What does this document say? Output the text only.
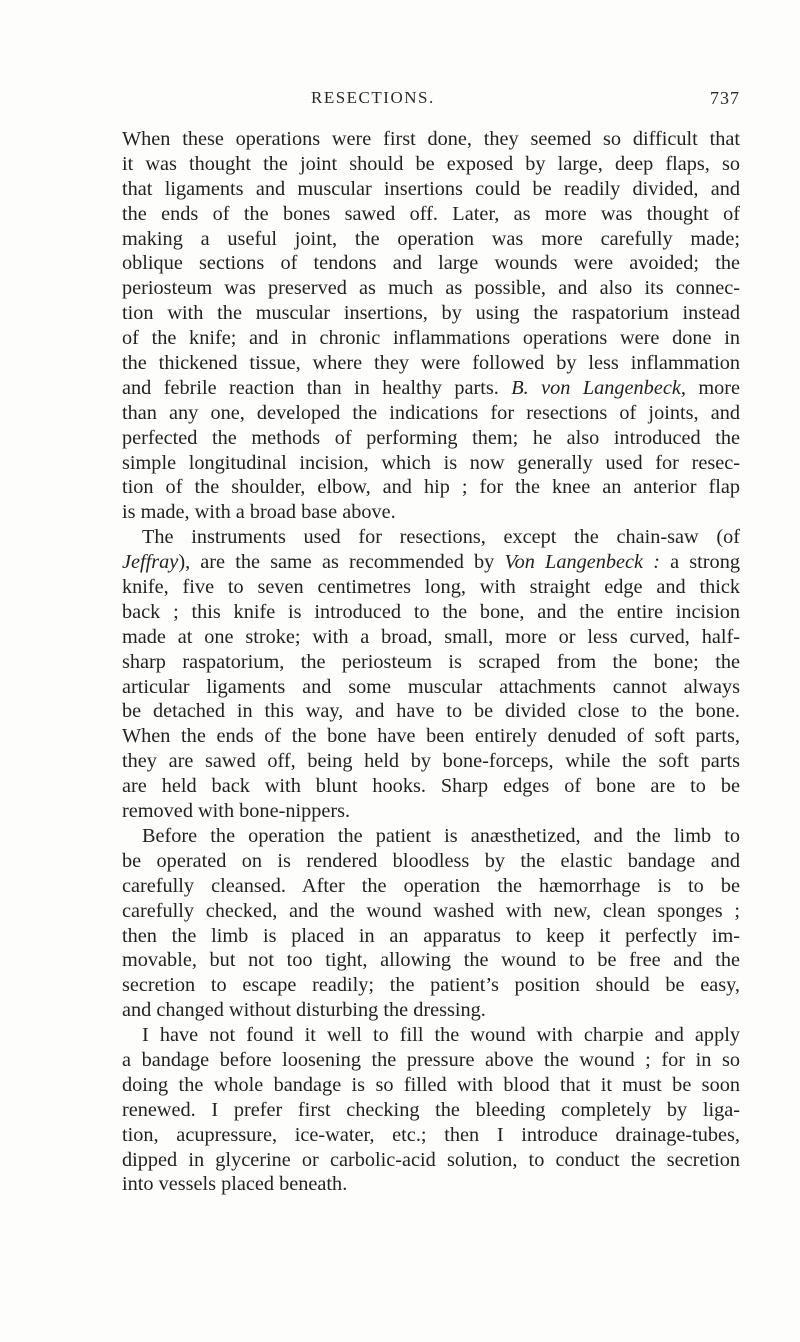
RESECTIONS.	737
When these operations were first done, they seemed so difficult that
it was thought the joint should be exposed by large, deep flaps, so
that ligaments and muscular insertions could be readily divided, and
the ends of the bones sawed off. Later, as more was thought of
making a useful joint, the operation was more carefully made;
oblique sections of tendons and large wounds were avoided; the
periosteum was preserved as much as possible, and also its connec-
tion with the muscular insertions, by using the raspatorium instead
of the knife; and in chronic inflammations operations were done in
the thickened tissue, where they were followed by less inflammation
and febrile reaction than in healthy parts. B. von Langenbeck, more
than any one, developed the indications for resections of joints, and
perfected the methods of performing them; he also introduced the
simple longitudinal incision, which is now generally used for resec-
tion of the shoulder, elbow, and hip ; for the knee an anterior flap
is made, with a broad base above.
The instruments used for resections, except the chain-saw (of
Jeffray), are the same as recommended by Von Langenbeck : a strong
knife, five to seven centimetres long, with straight edge and thick
back ; this knife is introduced to the bone, and the entire incision
made at one stroke; with a broad, small, more or less curved, half-
sharp raspatorium, the periosteum is scraped from the bone; the
articular ligaments and some muscular attachments cannot always
be detached in this way, and have to be divided close to the bone.
When the ends of the bone have been entirely denuded of soft parts,
they are sawed off, being held by bone-forceps, while the soft parts
are held back with blunt hooks. Sharp edges of bone are to be
removed with bone-nippers.
Before the operation the patient is anæsthetized, and the limb to
be operated on is rendered bloodless by the elastic bandage and
carefully cleansed. After the operation the hæmorrhage is to be
carefully checked, and the wound washed with new, clean sponges ;
then the limb is placed in an apparatus to keep it perfectly im-
movable, but not too tight, allowing the wound to be free and the
secretion to escape readily; the patient’s position should be easy,
and changed without disturbing the dressing.
I have not found it well to fill the wound with charpie and apply
a bandage before loosening the pressure above the wound ; for in so
doing the whole bandage is so filled with blood that it must be soon
renewed. I prefer first checking the bleeding completely by liga-
tion, acupressure, ice-water, etc.; then I introduce drainage-tubes,
dipped in glycerine or carbolic-acid solution, to conduct the secretion
into vessels placed beneath.
